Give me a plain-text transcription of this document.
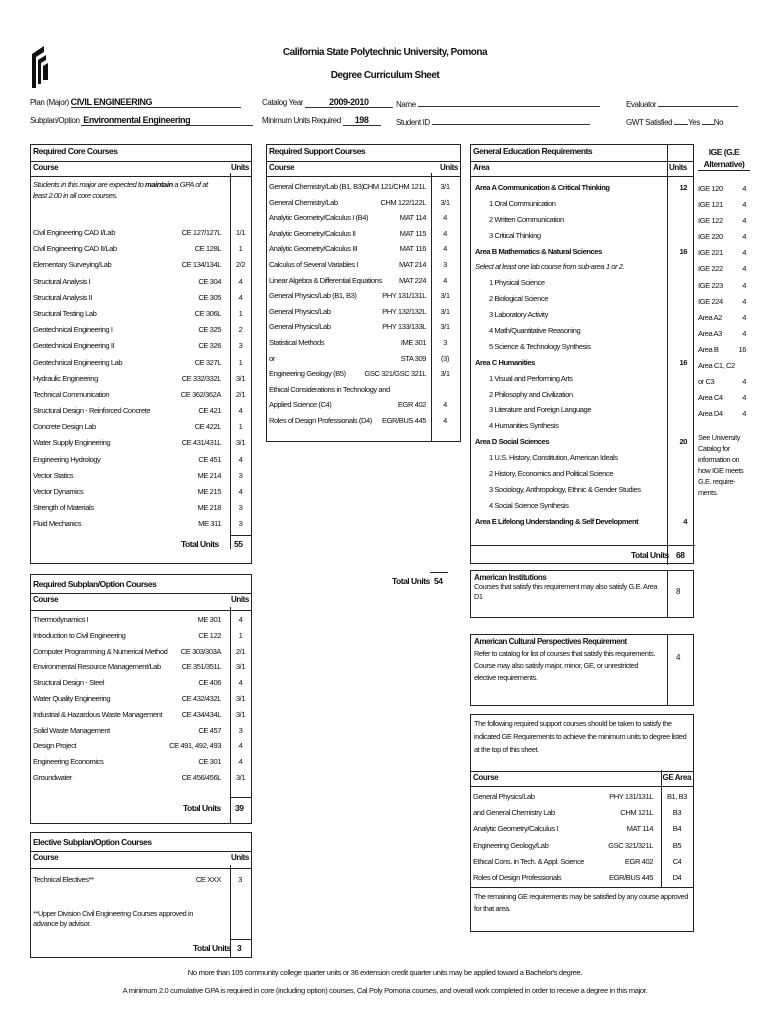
California State Polytechnic University, Pomona
Degree Curriculum Sheet
Plan (Major) CIVIL ENGINEERING
Subplan/Option Environmental Engineering
Catalog Year	2009-2010
Minimum Units Required 198
Name
Student ID
Evaluator
GWT Satisfied Yes No
Required Core Courses
Course	Units
Students in this major are expected to maintain a GPA of at least 2.00 in all core courses.
Civil Engineering CAD I/Lab	CE 127/127L	1/1
Civil Engineering CAD II/Lab	CE 128L	1
Elementary Surveying/Lab	CE 134/134L	2/2
Structural Analysis I	CE 304	4
Structural Analysis II	CE 305	4
Structural Testing Lab	CE 306L	1
Geotechnical Engineering I	CE 325	2
Geotechnical Engineering II	CE 326	3
Geotechnical Engineering Lab	CE 327L	1
Hydraulic Engineering	CE 332/332L	3/1
Technical Communication	CE 362/362A	2/1
Structural Design - Reinforced Concrete	CE 421	4
Concrete Design Lab	CE 422L	1
Water Supply Engineering	CE 431/431L	3/1
Engineering Hydrology	CE 451	4
Vector Statics	ME 214	3
Vector Dynamics	ME 215	4
Strength of Materials	ME 218	3
Fluid Mechanics	ME 311	3
Total Units 55
Required Support Courses
Course	Units
General Chemistry/Lab (B1, B3) CHM 121/CHM 121L	3/1
General Chemistry/Lab	CHM 122/122L	3/1
Analytic Geometry/Calculus I (B4)	MAT 114	4
Analytic Geometry/Calculus II	MAT 115	4
Analytic Geometry/Calculus III	MAT 116	4
Calculus of Several Variables I	MAT 214	3
Linear Algebra & Differential Equations MAT 224	4
General Physics/Lab (B1, B3)	PHY 131/131L	3/1
General Physics/Lab	PHY 132/132L	3/1
General Physics/Lab	PHY 133/133L	3/1
Statistical Methods	IME 301	3
or	STA 309	(3)
Engineering Geology (B5) GSC 321/GSC 321L	3/1
Ethical Considerations in Technology and
Applied Science (C4)	EGR 402	4
Roles of Design Professionals (D4) EGR/BUS 445	4
Total Units 54
Required Subplan/Option Courses
Course	Units
Thermodynamics I	ME 301	4
Introduction to Civil Engineering	CE 122	1
Computer Programming & Numerical Method CE 303/303A	2/1
Environmental Resource Management/Lab	CE 351/351L	3/1
Structural Design - Steel	CE 406	4
Water Quality Engineering	CE 432/432L	3/1
Industrial & Hazardous Waste Management	CE 434/434L	3/1
Solid Waste Management	CE 457	3
Design Project	CE 491, 492, 493	4
Engineering Economics	CE 301	4
Groundwater	CE 456/456L	3/1
Total Units 39
Elective Subplan/Option Courses
Course	Units
Technical Electives**	CE XXX	3
**Upper Division Civil Engineering Courses approved in advance by advisor.
Total Units 3
General Education Requirements
Area	Units
Area A Communication & Critical Thinking	12
1 Oral Communication
2 Written Communication
3 Critical Thinking
Area B Mathematics & Natural Sciences	16
Select at least one lab course from sub-area 1 or 2.
1 Physical Science
2 Biological Science
3 Laboratory Activity
4 Math/Quantitative Reasoning
5 Science & Technology Synthesis
Area C Humanities	16
1 Visual and Performing Arts
2 Philosophy and Civilization
3 Literature and Foreign Language
4 Humanities Synthesis
Area D Social Sciences	20
1 U.S. History, Constitution, American Ideals
2 History, Economics and Political Science
3 Sociology, Anthropology, Ethnic & Gender Studies
4 Social Science Synthesis
Area E Lifelong Understanding & Self Development	4
Total Units 68
IGE (G.E
Alternative)
IGE 120	4
IGE 121	4
IGE 122	4
IGE 220	4
IGE 221	4
IGE 222	4
IGE 223	4
IGE 224	4
Area A2	4
Area A3	4
Area B	16
Area C1, C2
or C3	4
Area C4	4
Area D4	4
See University Catalog for information on how IGE meets G.E. require-ments.
American Institutions
Courses that satisfy this requirement may also satisfy G.E. Area D1
8
American Cultural Perspectives Requirement
Refer to catalog for list of courses that satisfy this requirements. Course may also satisfy major, minor, GE, or unrestricted elective requirements.
4
The following required support courses should be taken to satisfy the indicated GE Requirements to achieve the minimum units to degree listed at the top of this sheet.
Course	GE Area
General Physics/Lab	PHY 131/131L	B1, B3
and General Chemistry Lab	CHM 121L	B3
Analytic Geometry/Calculus I	MAT 114	B4
Engineering Geology/Lab	GSC 321/321L	B5
Ethical Cons. in Tech. & Appl. Science	EGR 402	C4
Roles of Design Professionals	EGR/BUS 445	D4
The remaining GE requirements may be satisfied by any course approved for that area.
No more than 105 community college quarter units or 36 extension credit quarter units may be applied toward a Bachelor's degree.
A minimum 2.0 cumulative GPA is required in core (including option) courses, Cal Poly Pomona courses, and overall work completed in order to receive a degree in this major.
